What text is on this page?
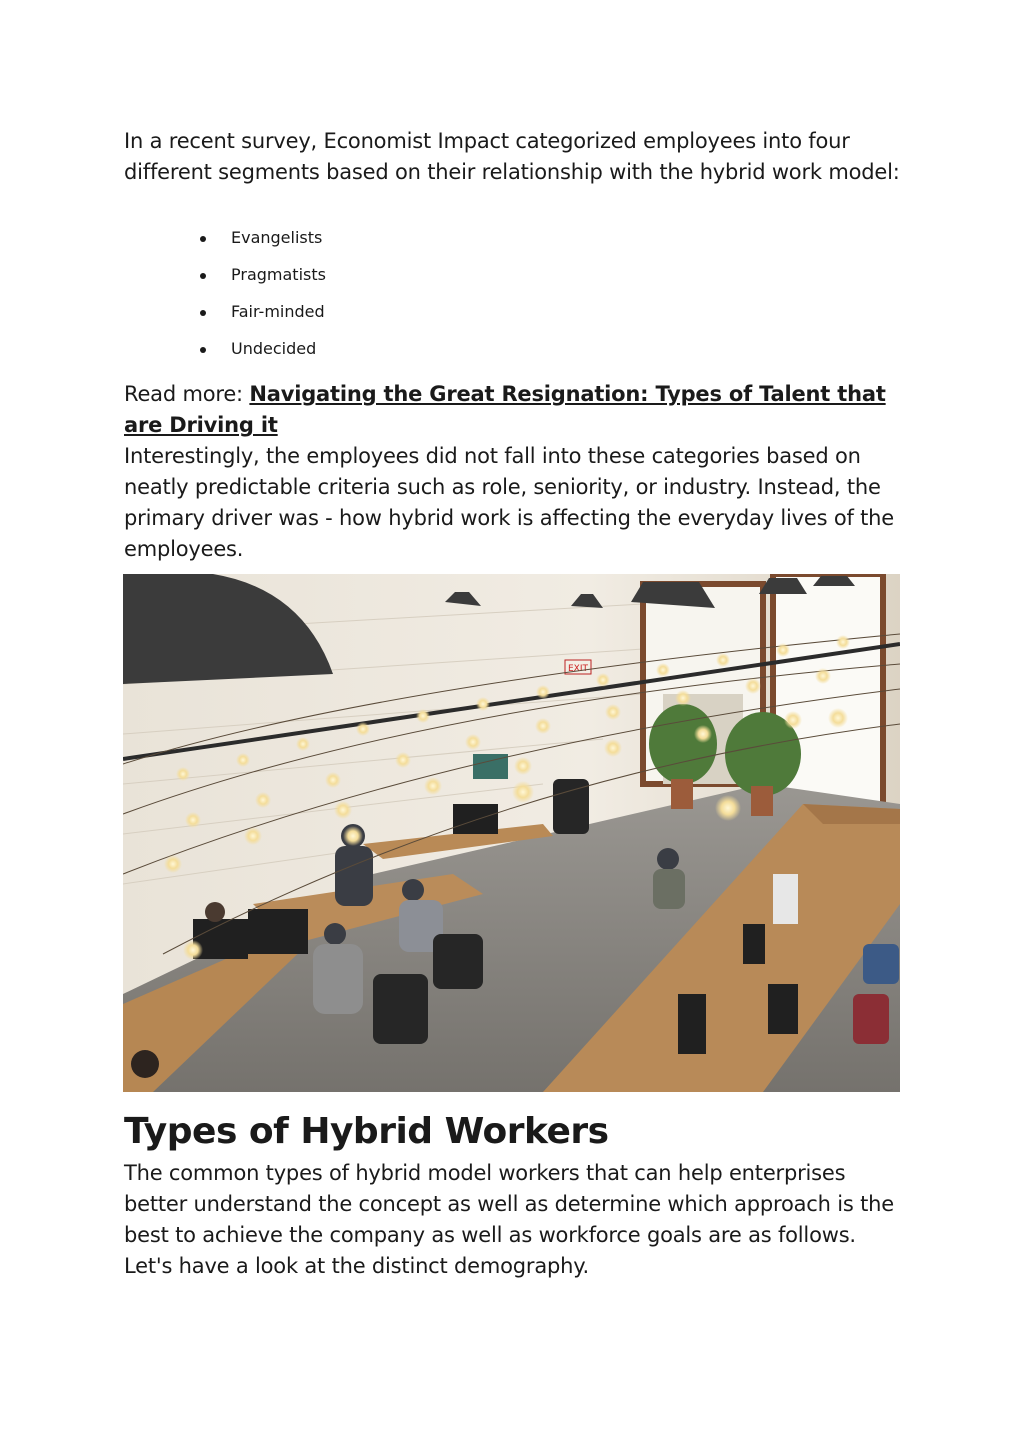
In a recent survey, Economist Impact categorized employees into four different segments based on their relationship with the hybrid work model:

Evangelists
Pragmatists
Fair-minded
Undecided

Read more: Navigating the Great Resignation: Types of Talent that are Driving it

Interestingly, the employees did not fall into these categories based on neatly predictable criteria such as role, seniority, or industry. Instead, the primary driver was - how hybrid work is affecting the everyday lives of the employees.

EXIT
Types of Hybrid Workers

The common types of hybrid model workers that can help enterprises better understand the concept as well as determine which approach is the best to achieve the company as well as workforce goals are as follows. Let's have a look at the distinct demography.
